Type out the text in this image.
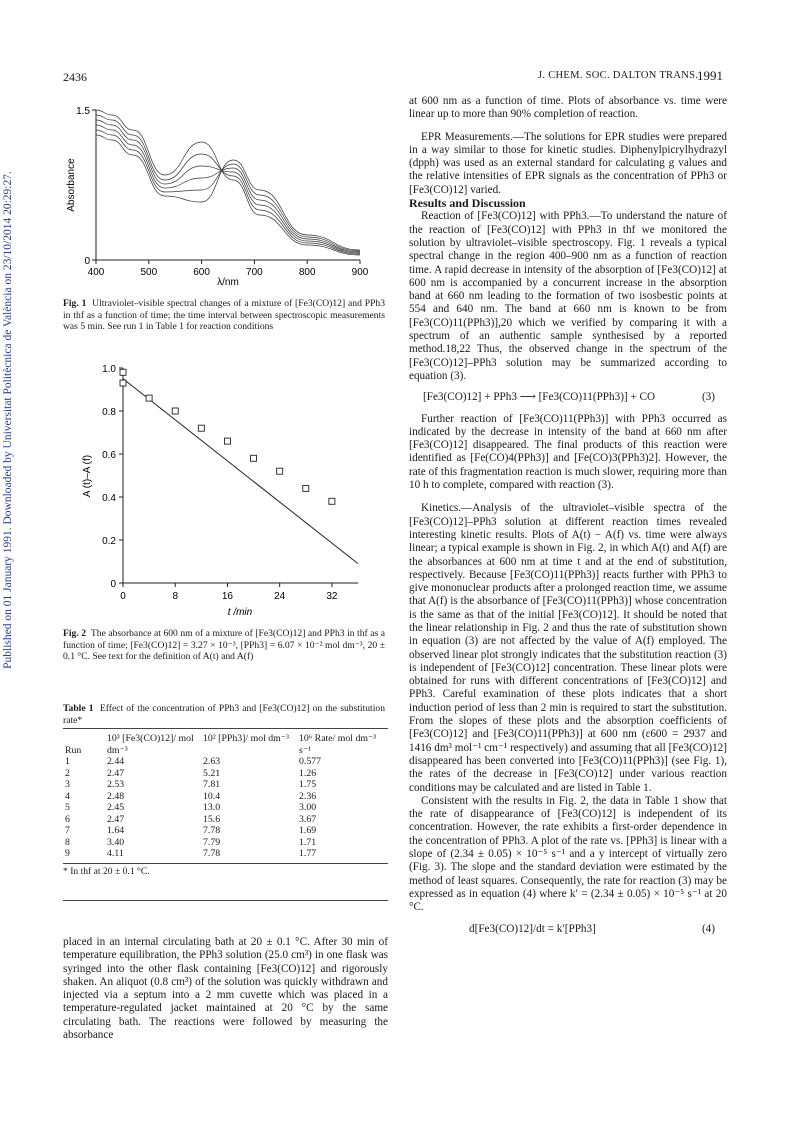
2436	J. CHEM. SOC. DALTON TRANS.
1991
Published on 01 January 1991. Downloaded by Universitat Politècnica de València on 23/10/2014 20:29:27.	400	500	600	700	800	900
0
1.5
Absorbance
λ/nm
Fig. 1 Ultraviolet–visible spectral changes of a mixture of [Fe3(CO)12] and PPh3 in thf as a function of time; the time interval between spectroscopic measurements was 5 min. See run 1 in Table 1 for reaction conditions
0	8	16	24	32
0
0.2
0.4
0.6
0.8
1.0
A (t)–A (f)
t /min
Fig. 2 The absorbance at 600 nm of a mixture of [Fe3(CO)12] and PPh3 in thf as a function of time; [Fe3(CO)12] = 3.27 × 10⁻³, [PPh3] = 6.07 × 10⁻² mol dm⁻³, 20 ± 0.1 °C. See text for the definition of A(t) and A(f)
Table 1 Effect of the concentration of PPh3 and [Fe3(CO)12] on the substitution rate*
Run	10³ [Fe3(CO)12]/ mol dm⁻³	10² [PPh3]/ mol dm⁻³	10⁶ Rate/ mol dm⁻³ s⁻¹
1	2.44	2.63	0.577
2	2.47	5.21	1.26
3	2.53	7.81	1.75
4	2.48	10.4	2.36
5	2.45	13.0	3.00
6	2.47	15.6	3.67
7	1.64	7.78	1.69
8	3.40	7.79	1.71
9	4.11	7.78	1.77
* In thf at 20 ± 0.1 °C.

placed in an internal circulating bath at 20 ± 0.1 °C. After 30 min of temperature equilibration, the PPh3 solution (25.0 cm³) in one flask was syringed into the other flask containing [Fe3(CO)12] and rigorously shaken. An aliquot (0.8 cm³) of the solution was quickly withdrawn and injected via a septum into a 2 mm cuvette which was placed in a temperature-regulated jacket maintained at 20 °C by the same circulating bath. The reactions were followed by measuring the absorbance

at 600 nm as a function of time. Plots of absorbance vs. time were linear up to more than 90% completion of reaction.

EPR Measurements.—The solutions for EPR studies were prepared in a way similar to those for kinetic studies. Diphenylpicrylhydrazyl (dpph) was used as an external standard for calculating g values and the relative intensities of EPR signals as the concentration of PPh3 or [Fe3(CO)12] varied.

Results and Discussion

Reaction of [Fe3(CO)12] with PPh3.—To understand the nature of the reaction of [Fe3(CO)12] with PPh3 in thf we monitored the solution by ultraviolet–visible spectroscopy. Fig. 1 reveals a typical spectral change in the region 400–900 nm as a function of reaction time. A rapid decrease in intensity of the absorption of [Fe3(CO)12] at 600 nm is accompanied by a concurrent increase in the absorption band at 660 nm leading to the formation of two isosbestic points at 554 and 640 nm. The band at 660 nm is known to be from [Fe3(CO)11(PPh3)],20 which we verified by comparing it with a spectrum of an authentic sample synthesised by a reported method.18,22 Thus, the observed change in the spectrum of the [Fe3(CO)12]–PPh3 solution may be summarized according to equation (3).

[Fe3(CO)12] + PPh3 ⟶ [Fe3(CO)11(PPh3)] + CO	(3)

Further reaction of [Fe3(CO)11(PPh3)] with PPh3 occurred as indicated by the decrease in intensity of the band at 660 nm after [Fe3(CO)12] disappeared. The final products of this reaction were identified as [Fe(CO)4(PPh3)] and [Fe(CO)3(PPh3)2]. However, the rate of this fragmentation reaction is much slower, requiring more than 10 h to complete, compared with reaction (3).

Kinetics.—Analysis of the ultraviolet–visible spectra of the [Fe3(CO)12]–PPh3 solution at different reaction times revealed interesting kinetic results. Plots of A(t) − A(f) vs. time were always linear; a typical example is shown in Fig. 2, in which A(t) and A(f) are the absorbances at 600 nm at time t and at the end of substitution, respectively. Because [Fe3(CO)11(PPh3)] reacts further with PPh3 to give mononuclear products after a prolonged reaction time, we assume that A(f) is the absorbance of [Fe3(CO)11(PPh3)] whose concentration is the same as that of the initial [Fe3(CO)12]. It should be noted that the linear relationship in Fig. 2 and thus the rate of substitution shown in equation (3) are not affected by the value of A(f) employed. The observed linear plot strongly indicates that the substitution reaction (3) is independent of [Fe3(CO)12] concentration. These linear plots were obtained for runs with different concentrations of [Fe3(CO)12] and PPh3. Careful examination of these plots indicates that a short induction period of less than 2 min is required to start the substitution. From the slopes of these plots and the absorption coefficients of [Fe3(CO)12] and [Fe3(CO)11(PPh3)] at 600 nm (ε600 = 2937 and 1416 dm³ mol⁻¹ cm⁻¹ respectively) and assuming that all [Fe3(CO)12] disappeared has been converted into [Fe3(CO)11(PPh3)] (see Fig. 1), the rates of the decrease in [Fe3(CO)12] under various reaction conditions may be calculated and are listed in Table 1.

Consistent with the results in Fig. 2, the data in Table 1 show that the rate of disappearance of [Fe3(CO)12] is independent of its concentration. However, the rate exhibits a first-order dependence in the concentration of PPh3. A plot of the rate vs. [PPh3] is linear with a slope of (2.34 ± 0.05) × 10⁻⁵ s⁻¹ and a y intercept of virtually zero (Fig. 3). The slope and the standard deviation were estimated by the method of least squares. Consequently, the rate for reaction (3) may be expressed as in equation (4) where k′ = (2.34 ± 0.05) × 10⁻⁵ s⁻¹ at 20 °C.

d[Fe3(CO)12]/dt = k′[PPh3]	(4)
